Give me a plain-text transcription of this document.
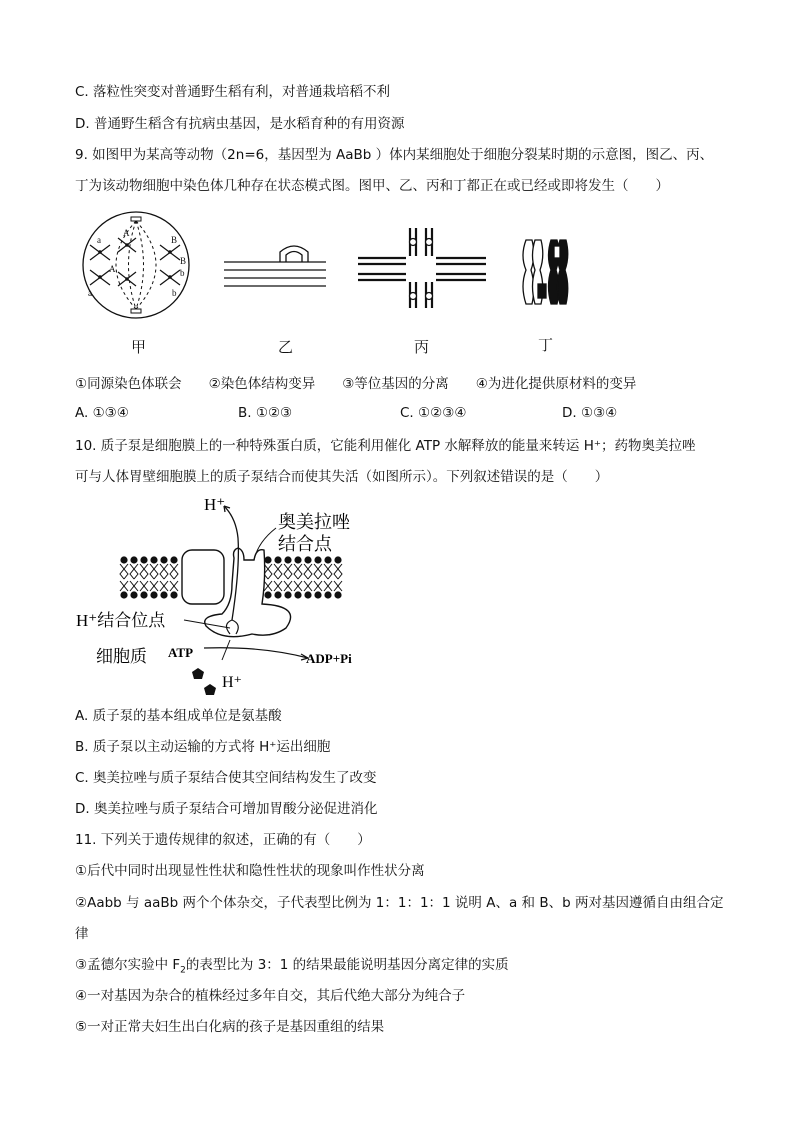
C. 落粒性突变对普通野生稻有利，对普通栽培稻不利
D. 普通野生稻含有抗病虫基因，是水稻育种的有用资源
9. 如图甲为某高等动物（2n=6，基因型为 AaBb ）体内某细胞处于细胞分裂某时期的示意图，图乙、丙、
丁为该动物细胞中染色体几种存在状态模式图。图甲、乙、丙和丁都正在或已经或即将发生（　　）
a
A
A
a
B
B
b
b
甲	乙	丙	丁
①同源染色体联会　　②染色体结构变异　　③等位基因的分离　　④为进化提供原材料的变异
A. ①③④	B. ①②③	C. ①②③④	D. ①③④
10. 质子泵是细胞膜上的一种特殊蛋白质，它能利用催化 ATP 水解释放的能量来转运 H⁺；药物奥美拉唑
可与人体胃壁细胞膜上的质子泵结合而使其失活（如图所示）。下列叙述错误的是（　　）
H⁺
奥美拉唑
结合点
H⁺结合位点
细胞质 ATP	ADP+Pi
H⁺
A. 质子泵的基本组成单位是氨基酸
B. 质子泵以主动运输的方式将 H⁺运出细胞
C. 奥美拉唑与质子泵结合使其空间结构发生了改变
D. 奥美拉唑与质子泵结合可增加胃酸分泌促进消化
11. 下列关于遗传规律的叙述，正确的有（　　）
①后代中同时出现显性性状和隐性性状的现象叫作性状分离
②Aabb 与 aaBb 两个个体杂交，子代表型比例为 1：1：1：1 说明 A、a 和 B、b 两对基因遵循自由组合定
律
③孟德尔实验中 $F_2$的表型比为 3：1 的结果最能说明基因分离定律的实质
④一对基因为杂合的植株经过多年自交，其后代绝大部分为纯合子
⑤一对正常夫妇生出白化病的孩子是基因重组的结果
